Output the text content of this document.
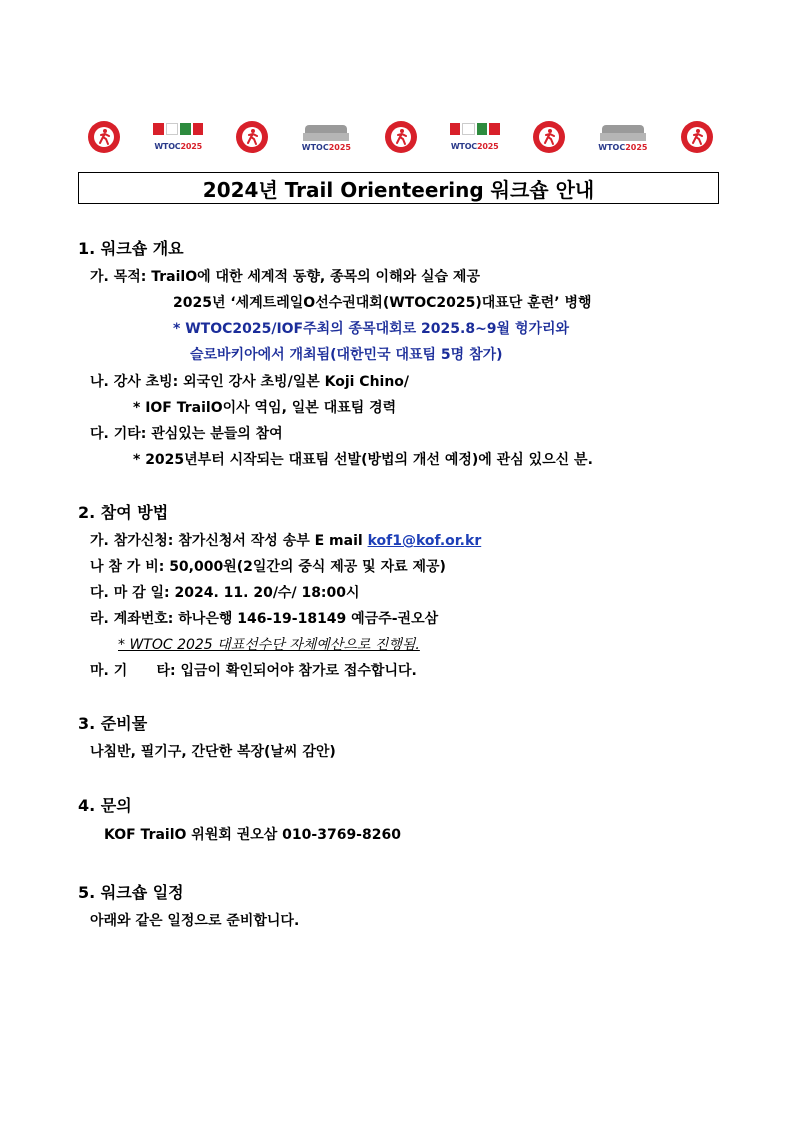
WTOC2025	WTOC2025	WTOC2025	WTOC2025
2024년 Trail Orienteering 워크숍 안내
1. 워크숍 개요
가. 목적: TrailO에 대한 세계적 동향, 종목의 이해와 실습 제공
2025년 ‘세계트레일O선수권대회(WTOC2025)대표단 훈련’ 병행
* WTOC2025/IOF주최의 종목대회로 2025.8~9월 헝가리와
슬로바키아에서 개최됨(대한민국 대표팀 5명 참가)
나. 강사 초빙: 외국인 강사 초빙/일본 Koji Chino/
* IOF TrailO이사 역임, 일본 대표팀 경력
다. 기타: 관심있는 분들의 참여
* 2025년부터 시작되는 대표팀 선발(방법의 개선 예정)에 관심 있으신 분.
2. 참여 방법
가. 참가신청: 참가신청서 작성 송부 E mail kof1@kof.or.kr
나 참 가 비: 50,000원(2일간의 중식 제공 및 자료 제공)
다. 마 감 일: 2024. 11. 20/수/ 18:00시
라. 계좌번호: 하나은행 146-19-18149 예금주-권오삼
* WTOC 2025 대표선수단 자체예산으로 진행됨.
마. 기      타: 입금이 확인되어야 참가로 접수합니다.
3. 준비물
나침반, 필기구, 간단한 복장(날씨 감안)
4. 문의
KOF TrailO 위원회 권오삼 010-3769-8260
5. 워크숍 일정
아래와 같은 일정으로 준비합니다.
